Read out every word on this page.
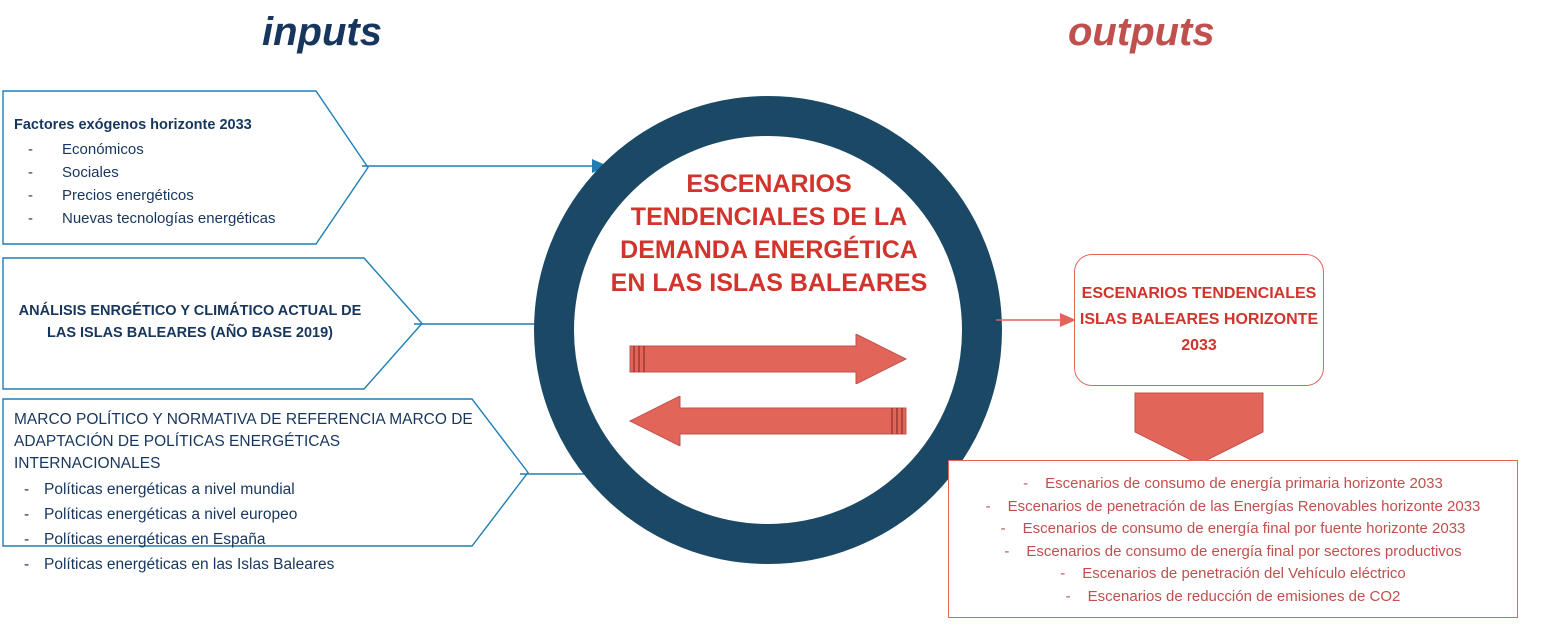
inputs	outputs
Factores exógenos horizonte 2033
- Económicos
- Sociales
- Precios energéticos
- Nuevas tecnologías energéticas
ANÁLISIS ENRGÉTICO Y CLIMÁTICO ACTUAL DE LAS ISLAS BALEARES (AÑO BASE 2019)
MARCO POLÍTICO Y NORMATIVA DE REFERENCIA MARCO DE ADAPTACIÓN DE POLÍTICAS ENERGÉTICAS INTERNACIONALES
- Políticas energéticas a nivel mundial
- Políticas energéticas a nivel europeo
- Políticas energéticas en España
- Políticas energéticas en las Islas Baleares
ESCENARIOS TENDENCIALES DE LA DEMANDA ENERGÉTICA EN LAS ISLAS BALEARES	ESCENARIOS TENDENCIALES ISLAS BALEARES HORIZONTE 2033
- Escenarios de consumo de energía primaria horizonte 2033
- Escenarios de penetración de las Energías Renovables horizonte 2033
- Escenarios de consumo de energía final por fuente horizonte 2033
- Escenarios de consumo de energía final por sectores productivos
- Escenarios de penetración del Vehículo eléctrico
- Escenarios de reducción de emisiones de CO2
